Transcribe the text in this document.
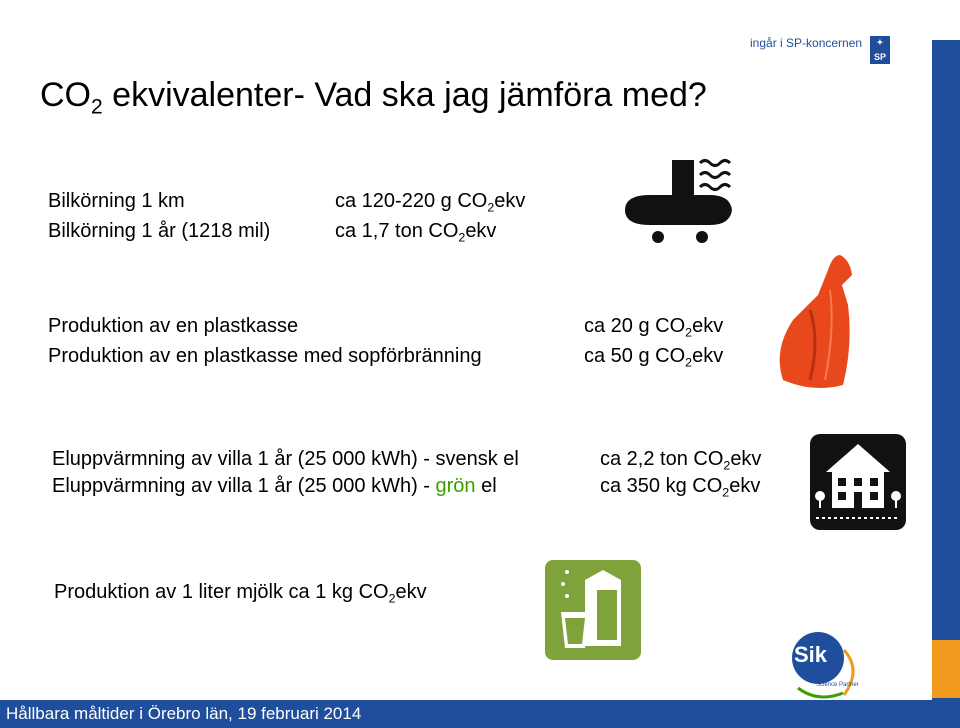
ingår i SP-koncernen	✦
SP
$CO_2$ ekvivalenter- Vad ska jag jämföra med?
Bilkörning 1 km	ca 120-220 g $CO_2ekv$
Bilkörning 1 år (1218 mil)	ca 1,7 ton $CO_2ekv$
Produktion av en plastkasse	ca 20 g $CO_2ekv$
Produktion av en plastkasse med sopförbränning	ca 50 g $CO_2ekv$
Eluppvärmning av villa 1 år (25 000 kWh) - svensk el	ca 2,2 ton $CO_2ekv$
Eluppvärmning av villa 1 år (25 000 kWh) - grön el	ca 350 kg $CO_2ekv$
Produktion av 1 liter mjölk ca 1 kg $CO_2ekv$
Sik
Science Partner
Hållbara måltider i Örebro län, 19 februari 2014
